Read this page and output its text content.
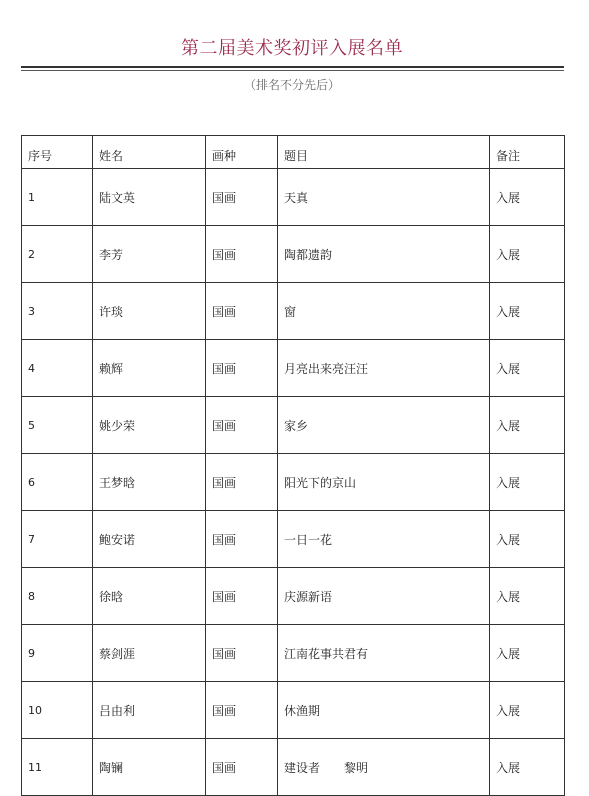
第二届美术奖初评入展名单
（排名不分先后）
序号	姓名	画种	题目	备注
1	陆文英	国画	天真	入展
2	李芳	国画	陶都遗韵	入展
3	许琰	国画	窗	入展
4	赖辉	国画	月亮出来亮汪汪	入展
5	姚少荣	国画	家乡	入展
6	王梦晗	国画	阳光下的京山	入展
7	鲍安诺	国画	一日一花	入展
8	徐晗	国画	庆源新语	入展
9	蔡剑涯	国画	江南花事共君有	入展
10	吕由利	国画	休渔期	入展
11	陶镧	国画	建设者　　黎明	入展
